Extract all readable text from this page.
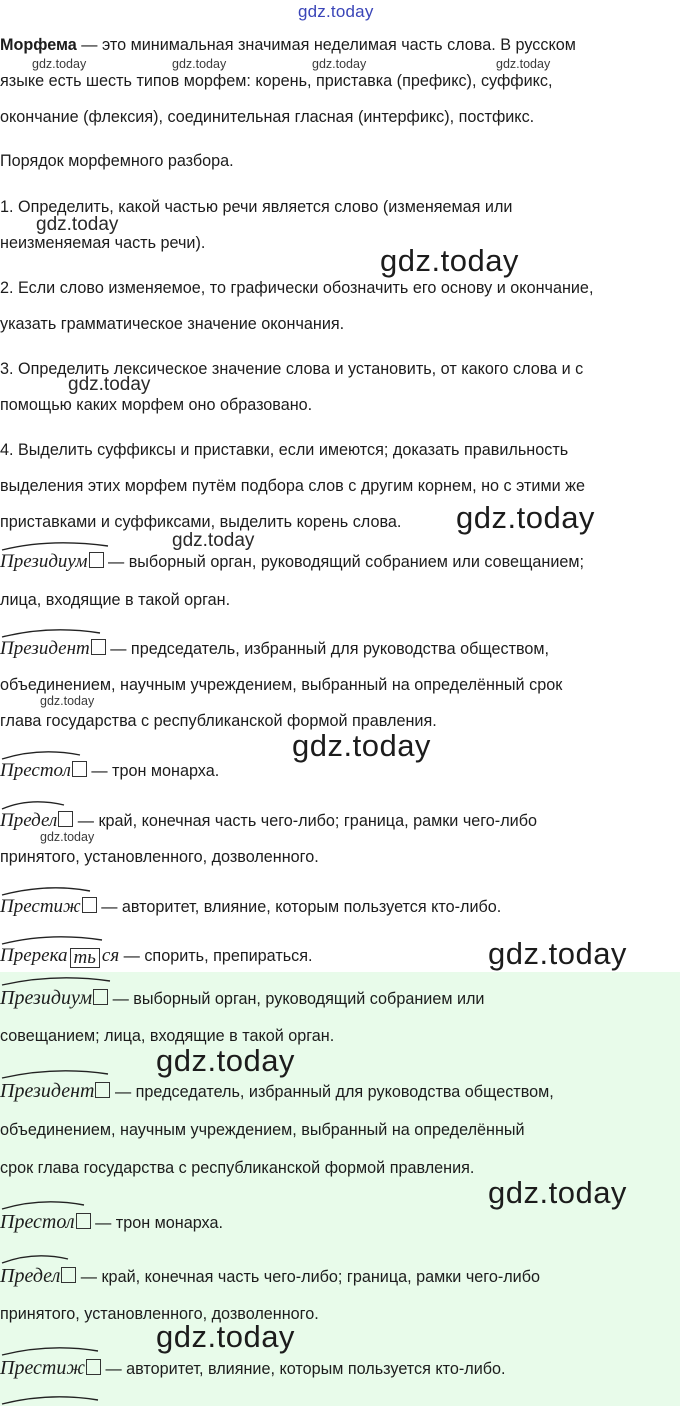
gdz.today
Морфема — это минимальная значимая неделимая часть слова. В русском
языке есть шесть типов морфем: корень, приставка (префикс), суффикс,
окончание (флексия), соединительная гласная (интерфикс), постфикс.
Порядок морфемного разбора.
1. Определить, какой частью речи является слово (изменяемая или
неизменяемая часть речи).
2. Если слово изменяемое, то графически обозначить его основу и окончание,
указать грамматическое значение окончания.
3. Определить лексическое значение слова и установить, от какого слова и с
помощью каких морфем оно образовано.
4. Выделить суффиксы и приставки, если имеются; доказать правильность
выделения этих морфем путём подбора слов с другим корнем, но с этими же
приставками и суффиксами, выделить корень слова.
Президиум — выборный орган, руководящий собранием или совещанием;
лица, входящие в такой орган.
Президент — председатель, избранный для руководства обществом,
объединением, научным учреждением, выбранный на определённый срок
глава государства с республиканской формой правления.
Престол — трон монарха.
Предел — край, конечная часть чего-либо; граница, рамки чего-либо
принятого, установленного, дозволенного.
Престиж — авторитет, влияние, которым пользуется кто-либо.
Пререка ть ся — спорить, препираться.
Президиум — выборный орган, руководящий собранием или
совещанием; лица, входящие в такой орган.
Президент — председатель, избранный для руководства обществом,
объединением, научным учреждением, выбранный на определённый
срок глава государства с республиканской формой правления.
Престол — трон монарха.
Предел — край, конечная часть чего-либо; граница, рамки чего-либо
принятого, установленного, дозволенного.
Престиж — авторитет, влияние, которым пользуется кто-либо.
gdz.today	gdz.today	gdz.today	gdz.today
gdz.today
gdz.today
gdz.today
gdz.today
gdz.today
gdz.today
gdz.today
gdz.today
gdz.today
gdz.today
gdz.today
gdz.today
